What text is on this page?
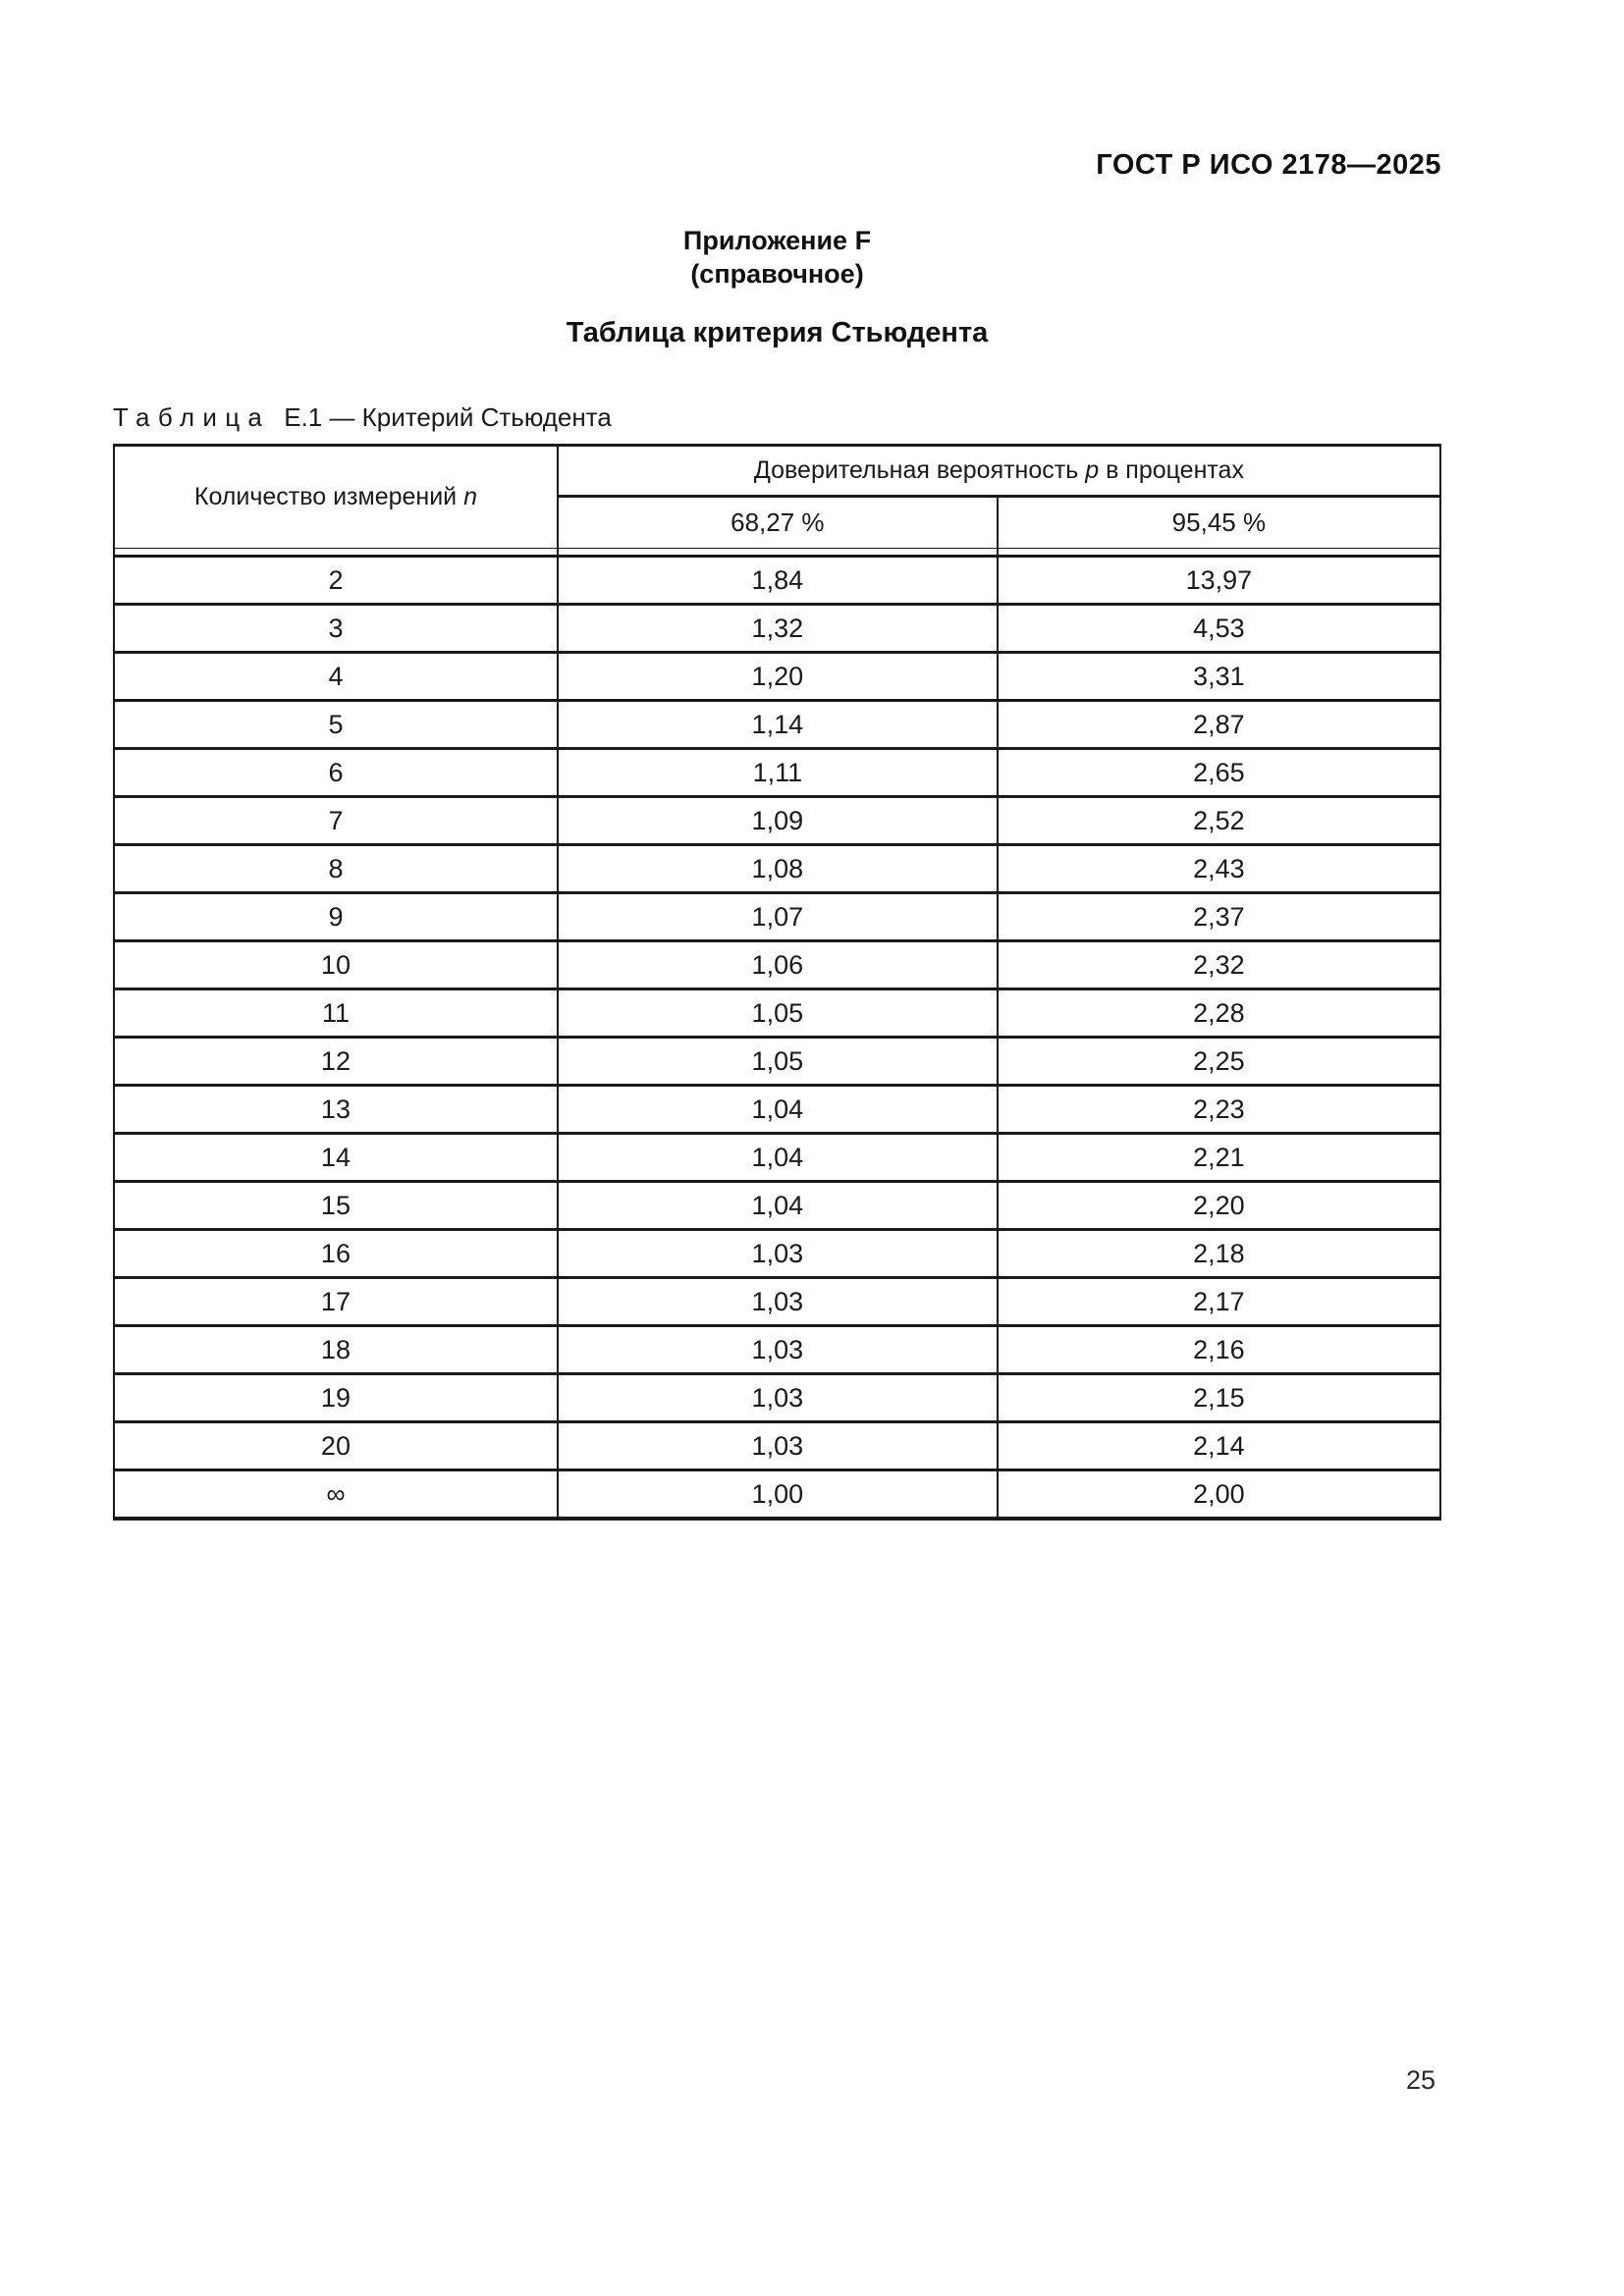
ГОСТ Р ИСО 2178—2025
Приложение F
(справочное)
Таблица критерия Стьюдента
Таблица Е.1 — Критерий Стьюдента
Количество измерений n	Доверительная вероятность p в процентах	
	68,27 %	95,45 %

2	1,84	13,97
3	1,32	4,53
4	1,20	3,31
5	1,14	2,87
6	1,11	2,65
7	1,09	2,52
8	1,08	2,43
9	1,07	2,37
10	1,06	2,32
11	1,05	2,28
12	1,05	2,25
13	1,04	2,23
14	1,04	2,21
15	1,04	2,20
16	1,03	2,18
17	1,03	2,17
18	1,03	2,16
19	1,03	2,15
20	1,03	2,14
∞	1,00	2,00
25
